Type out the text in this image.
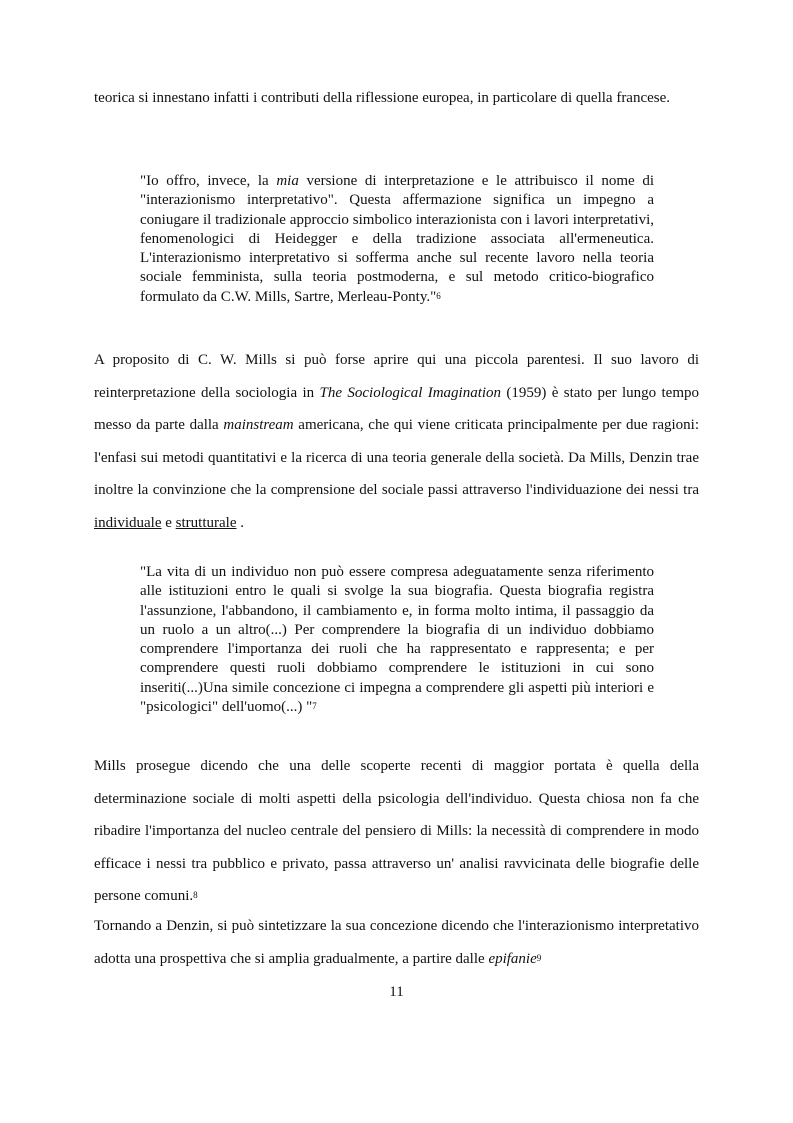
teorica si innestano infatti i contributi della riflessione europea, in particolare di quella francese.

"Io offro, invece, la mia versione di interpretazione e le attribuisco il nome di "interazionismo interpretativo". Questa affermazione significa un impegno a coniugare il tradizionale approccio simbolico interazionista con i lavori interpretativi, fenomenologici di Heidegger e della tradizione associata all'ermeneutica. L'interazionismo interpretativo si sofferma anche sul recente lavoro nella teoria sociale femminista, sulla teoria postmoderna, e sul metodo critico-biografico formulato da C.W. Mills, Sartre, Merleau-Ponty."$^6$

A proposito di C. W. Mills si può forse aprire qui una piccola parentesi. Il suo lavoro di reinterpretazione della sociologia in The Sociological Imagination (1959) è stato per lungo tempo messo da parte dalla mainstream americana, che qui viene criticata principalmente per due ragioni: l'enfasi sui metodi quantitativi e la ricerca di una teoria generale della società. Da Mills, Denzin trae inoltre la convinzione che la comprensione del sociale passi attraverso l'individuazione dei nessi tra individuale e strutturale .

"La vita di un individuo non può essere compresa adeguatamente senza riferimento alle istituzioni entro le quali si svolge la sua biografia. Questa biografia registra l'assunzione, l'abbandono, il cambiamento e, in forma molto intima, il passaggio da un ruolo a un altro(...) Per comprendere la biografia di un individuo dobbiamo comprendere l'importanza dei ruoli che ha rappresentato e rappresenta; e per comprendere questi ruoli dobbiamo comprendere le istituzioni in cui sono inseriti(...)Una simile concezione ci impegna a comprendere gli aspetti più interiori e "psicologici" dell'uomo(...) "$^7$

Mills prosegue dicendo che una delle scoperte recenti di maggior portata è quella della determinazione sociale di molti aspetti della psicologia dell'individuo. Questa chiosa non fa che ribadire l'importanza del nucleo centrale del pensiero di Mills: la necessità di comprendere in modo efficace i nessi tra pubblico e privato, passa attraverso un' analisi ravvicinata delle biografie delle persone comuni.$^8$

Tornando a Denzin, si può sintetizzare la sua concezione dicendo che l'interazionismo interpretativo adotta una prospettiva che si amplia gradualmente, a partire dalle epifanie$^9$

11
